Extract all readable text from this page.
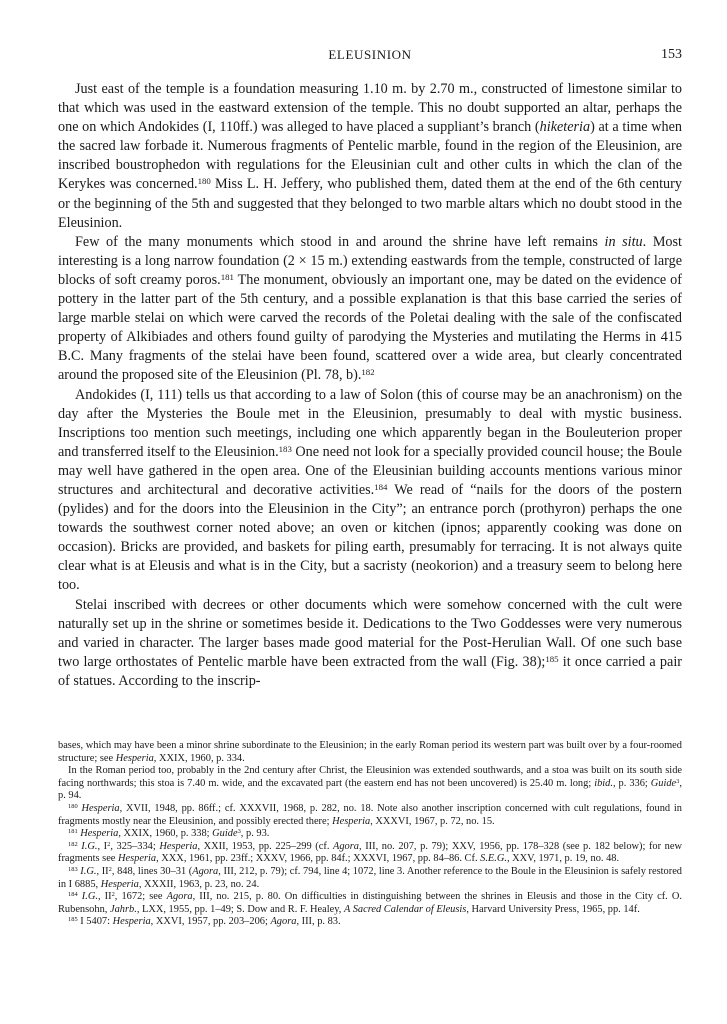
ELEUSINION	153

Just east of the temple is a foundation measuring 1.10 m. by 2.70 m., constructed of limestone similar to that which was used in the eastward extension of the temple. This no doubt supported an altar, perhaps the one on which Andokides (I, 110ff.) was alleged to have placed a suppliant’s branch (hiketeria) at a time when the sacred law forbade it. Numerous fragments of Pentelic marble, found in the region of the Eleusinion, are inscribed boustrophedon with regulations for the Eleusinian cult and other cults in which the clan of the Kerykes was concerned.$^{180}$ Miss L. H. Jeffery, who published them, dated them at the end of the 6th century or the beginning of the 5th and suggested that they belonged to two marble altars which no doubt stood in the Eleusinion.

Few of the many monuments which stood in and around the shrine have left remains in situ. Most interesting is a long narrow foundation (2 × 15 m.) extending eastwards from the temple, constructed of large blocks of soft creamy poros.$^{181}$ The monument, obviously an important one, may be dated on the evidence of pottery in the latter part of the 5th century, and a possible explanation is that this base carried the series of large marble stelai on which were carved the records of the Poletai dealing with the sale of the confiscated property of Alkibiades and others found guilty of parodying the Mysteries and mutilating the Herms in 415 B.C. Many fragments of the stelai have been found, scattered over a wide area, but clearly concentrated around the proposed site of the Eleusinion (Pl. 78, b).$^{182}$

Andokides (I, 111) tells us that according to a law of Solon (this of course may be an anachronism) on the day after the Mysteries the Boule met in the Eleusinion, presumably to deal with mystic business. Inscriptions too mention such meetings, including one which apparently began in the Bouleuterion proper and transferred itself to the Eleusinion.$^{183}$ One need not look for a specially provided council house; the Boule may well have gathered in the open area. One of the Eleusinian building accounts mentions various minor structures and architectural and decorative activities.$^{184}$ We read of “nails for the doors of the postern (pylides) and for the doors into the Eleusinion in the City”; an entrance porch (prothyron) perhaps the one towards the southwest corner noted above; an oven or kitchen (ipnos; apparently cooking was done on occasion). Bricks are provided, and baskets for piling earth, presumably for terracing. It is not always quite clear what is at Eleusis and what is in the City, but a sacristy (neokorion) and a treasury seem to belong here too.

Stelai inscribed with decrees or other documents which were somehow concerned with the cult were naturally set up in the shrine or sometimes beside it. Dedications to the Two Goddesses were very numerous and varied in character. The larger bases made good material for the Post-Herulian Wall. Of one such base two large orthostates of Pentelic marble have been extracted from the wall (Fig. 38);$^{185}$ it once carried a pair of statues. According to the inscrip-

bases, which may have been a minor shrine subordinate to the Eleusinion; in the early Roman period its western part was built over by a four-roomed structure; see Hesperia, XXIX, 1960, p. 334.

In the Roman period too, probably in the 2nd century after Christ, the Eleusinion was extended southwards, and a stoa was built on its south side facing northwards; this stoa is 7.40 m. wide, and the excavated part (the eastern end has not been uncovered) is 25.40 m. long; ibid., p. 336; Guide$^3$, p. 94.

$^{180}$ Hesperia, XVII, 1948, pp. 86ff.; cf. XXXVII, 1968, p. 282, no. 18. Note also another inscription concerned with cult regulations, found in fragments mostly near the Eleusinion, and possibly erected there; Hesperia, XXXVI, 1967, p. 72, no. 15.

$^{181}$ Hesperia, XXIX, 1960, p. 338; Guide$^3$, p. 93.

$^{182}$ I.G., $I^2$, 325–334; Hesperia, XXII, 1953, pp. 225–299 (cf. Agora, III, no. 207, p. 79); XXV, 1956, pp. 178–328 (see p. 182 below); for new fragments see Hesperia, XXX, 1961, pp. 23ff.; XXXV, 1966, pp. 84f.; XXXVI, 1967, pp. 84–86. Cf. S.E.G., XXV, 1971, p. 19, no. 48.

$^{183}$ I.G., $II^2$, 848, lines 30–31 (Agora, III, 212, p. 79); cf. 794, line 4; 1072, line 3. Another reference to the Boule in the Eleusinion is safely restored in I 6885, Hesperia, XXXII, 1963, p. 23, no. 24.

$^{184}$ I.G., $II^2$, 1672; see Agora, III, no. 215, p. 80. On difficulties in distinguishing between the shrines in Eleusis and those in the City cf. O. Rubensohn, Jahrb., LXX, 1955, pp. 1–49; S. Dow and R. F. Healey, A Sacred Calendar of Eleusis, Harvard University Press, 1965, pp. 14f.

$^{185}$ I 5407: Hesperia, XXVI, 1957, pp. 203–206; Agora, III, p. 83.
